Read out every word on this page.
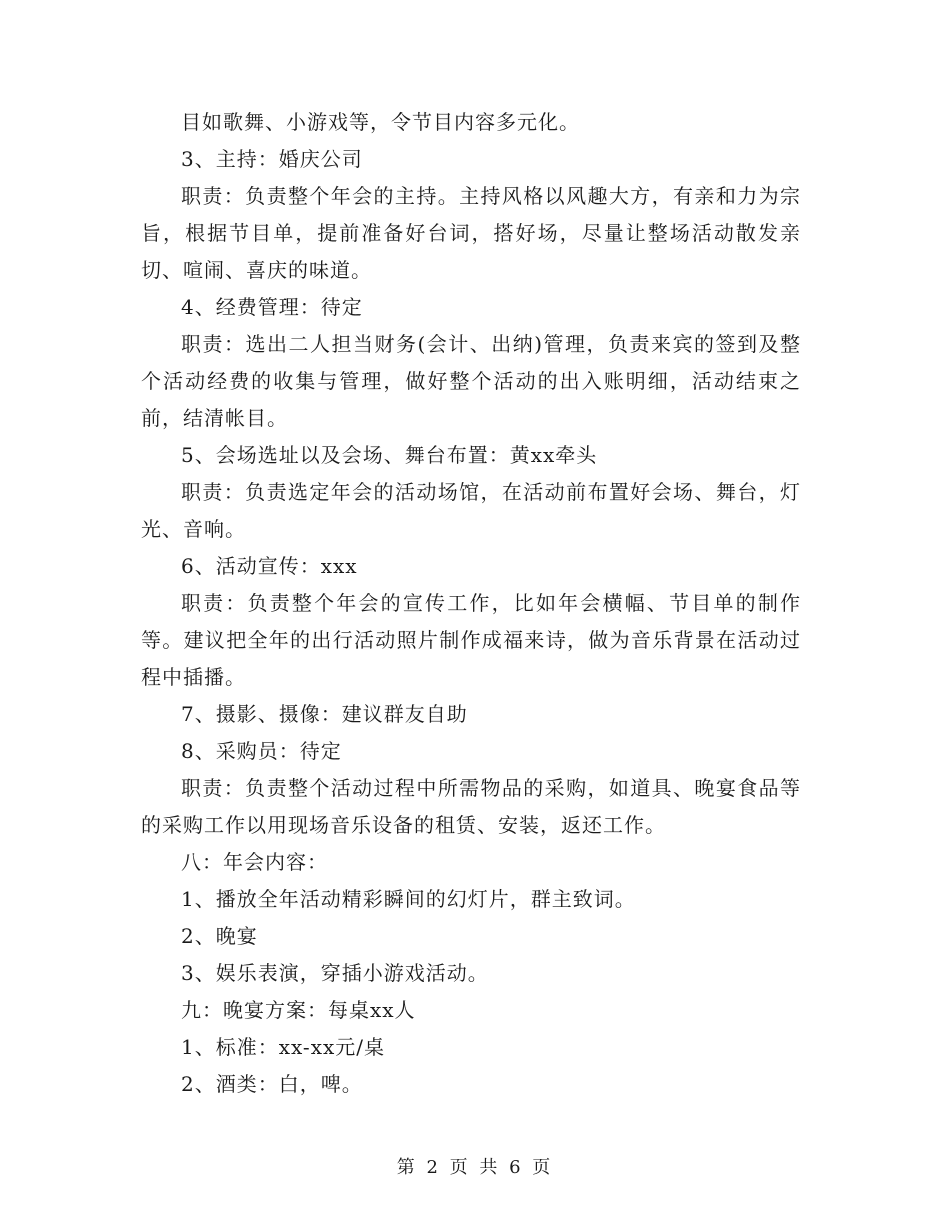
目如歌舞、小游戏等，令节目内容多元化。

3、主持：婚庆公司

职责：负责整个年会的主持。主持风格以风趣大方，有亲和力为宗旨，根据节目单，提前准备好台词，搭好场，尽量让整场活动散发亲切、喧闹、喜庆的味道。

4、经费管理：待定

职责：选出二人担当财务(会计、出纳)管理，负责来宾的签到及整个活动经费的收集与管理，做好整个活动的出入账明细，活动结束之前，结清帐目。

5、会场选址以及会场、舞台布置：黄xx牵头

职责：负责选定年会的活动场馆，在活动前布置好会场、舞台，灯光、音响。

6、活动宣传：xxx

职责：负责整个年会的宣传工作，比如年会横幅、节目单的制作等。建议把全年的出行活动照片制作成福来诗，做为音乐背景在活动过程中插播。

7、摄影、摄像：建议群友自助

8、采购员：待定

职责：负责整个活动过程中所需物品的采购，如道具、晚宴食品等的采购工作以用现场音乐设备的租赁、安装，返还工作。

八：年会内容：

1、播放全年活动精彩瞬间的幻灯片，群主致词。

2、晚宴

3、娱乐表演，穿插小游戏活动。

九：晚宴方案：每桌xx人

1、标准：xx-xx元/桌

2、酒类：白，啤。

第 2 页 共 6 页
